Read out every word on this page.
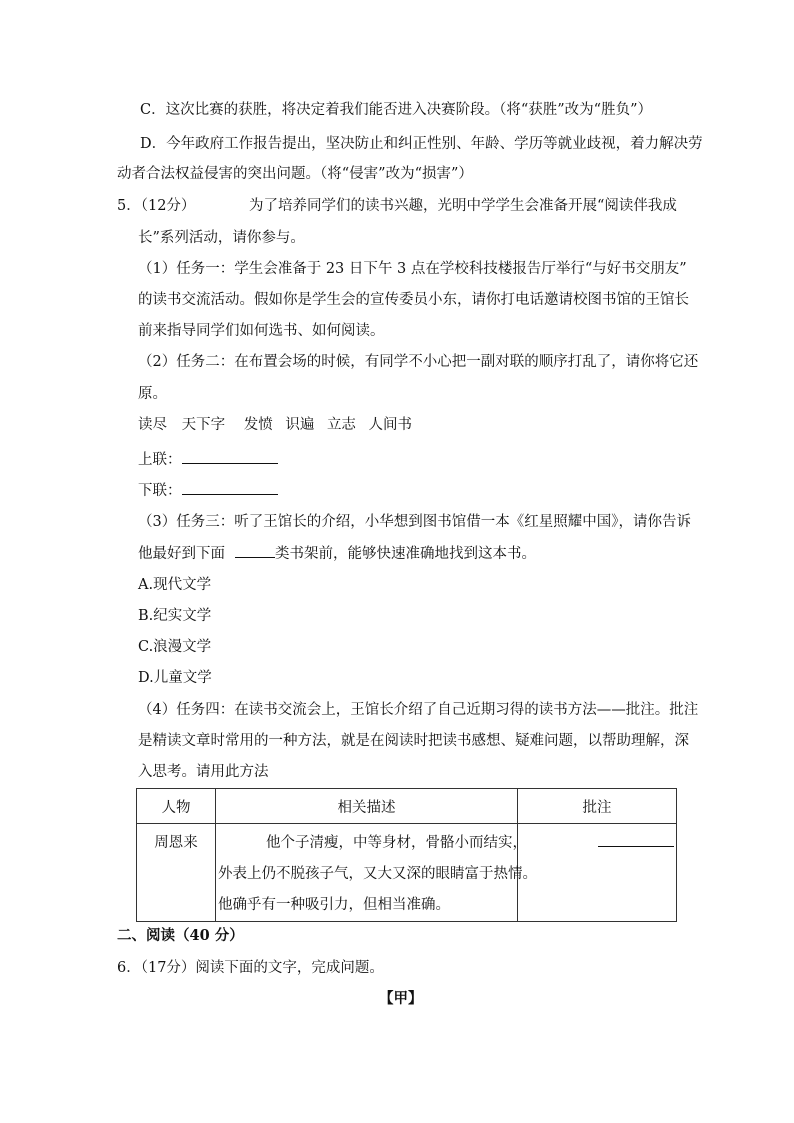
C．这次比赛的获胜，将决定着我们能否进入决赛阶段。（将“获胜”改为“胜负”）
D．今年政府工作报告提出，坚决防止和纠正性别、年龄、学历等就业歧视，着力解决劳
动者合法权益侵害的突出问题。（将“侵害”改为“损害”）
5．（12分）	为了培养同学们的读书兴趣，光明中学学生会准备开展“阅读伴我成
长”系列活动，请你参与。
（1）任务一：学生会准备于 23 日下午 3 点在学校科技楼报告厅举行“与好书交朋友”
的读书交流活动。假如你是学生会的宣传委员小东，请你打电话邀请校图书馆的王馆长
前来指导同学们如何选书、如何阅读。
（2）任务二：在布置会场的时候，有同学不小心把一副对联的顺序打乱了，请你将它还
原。
读尽 天下字 发愤 识遍 立志 人间书
上联：
下联：
（3）任务三：听了王馆长的介绍，小华想到图书馆借一本《红星照耀中国》，请你告诉
他最好到下面	类书架前，能够快速准确地找到这本书。
A.现代文学
B.纪实文学
C.浪漫文学
D.儿童文学
（4）任务四：在读书交流会上，王馆长介绍了自己近期习得的读书方法——批注。批注
是精读文章时常用的一种方法，就是在阅读时把读书感想、疑难问题，以帮助理解，深
入思考。请用此方法
人物	相关描述	批注

周恩来	他个子清瘦，中等身材，骨骼小而结实，
外表上仍不脱孩子气，又大又深的眼睛富于热情。
他确乎有一种吸引力，但相当准确。	

二、阅读（40 分）
6．（17分）阅读下面的文字，完成问题。
【甲】
